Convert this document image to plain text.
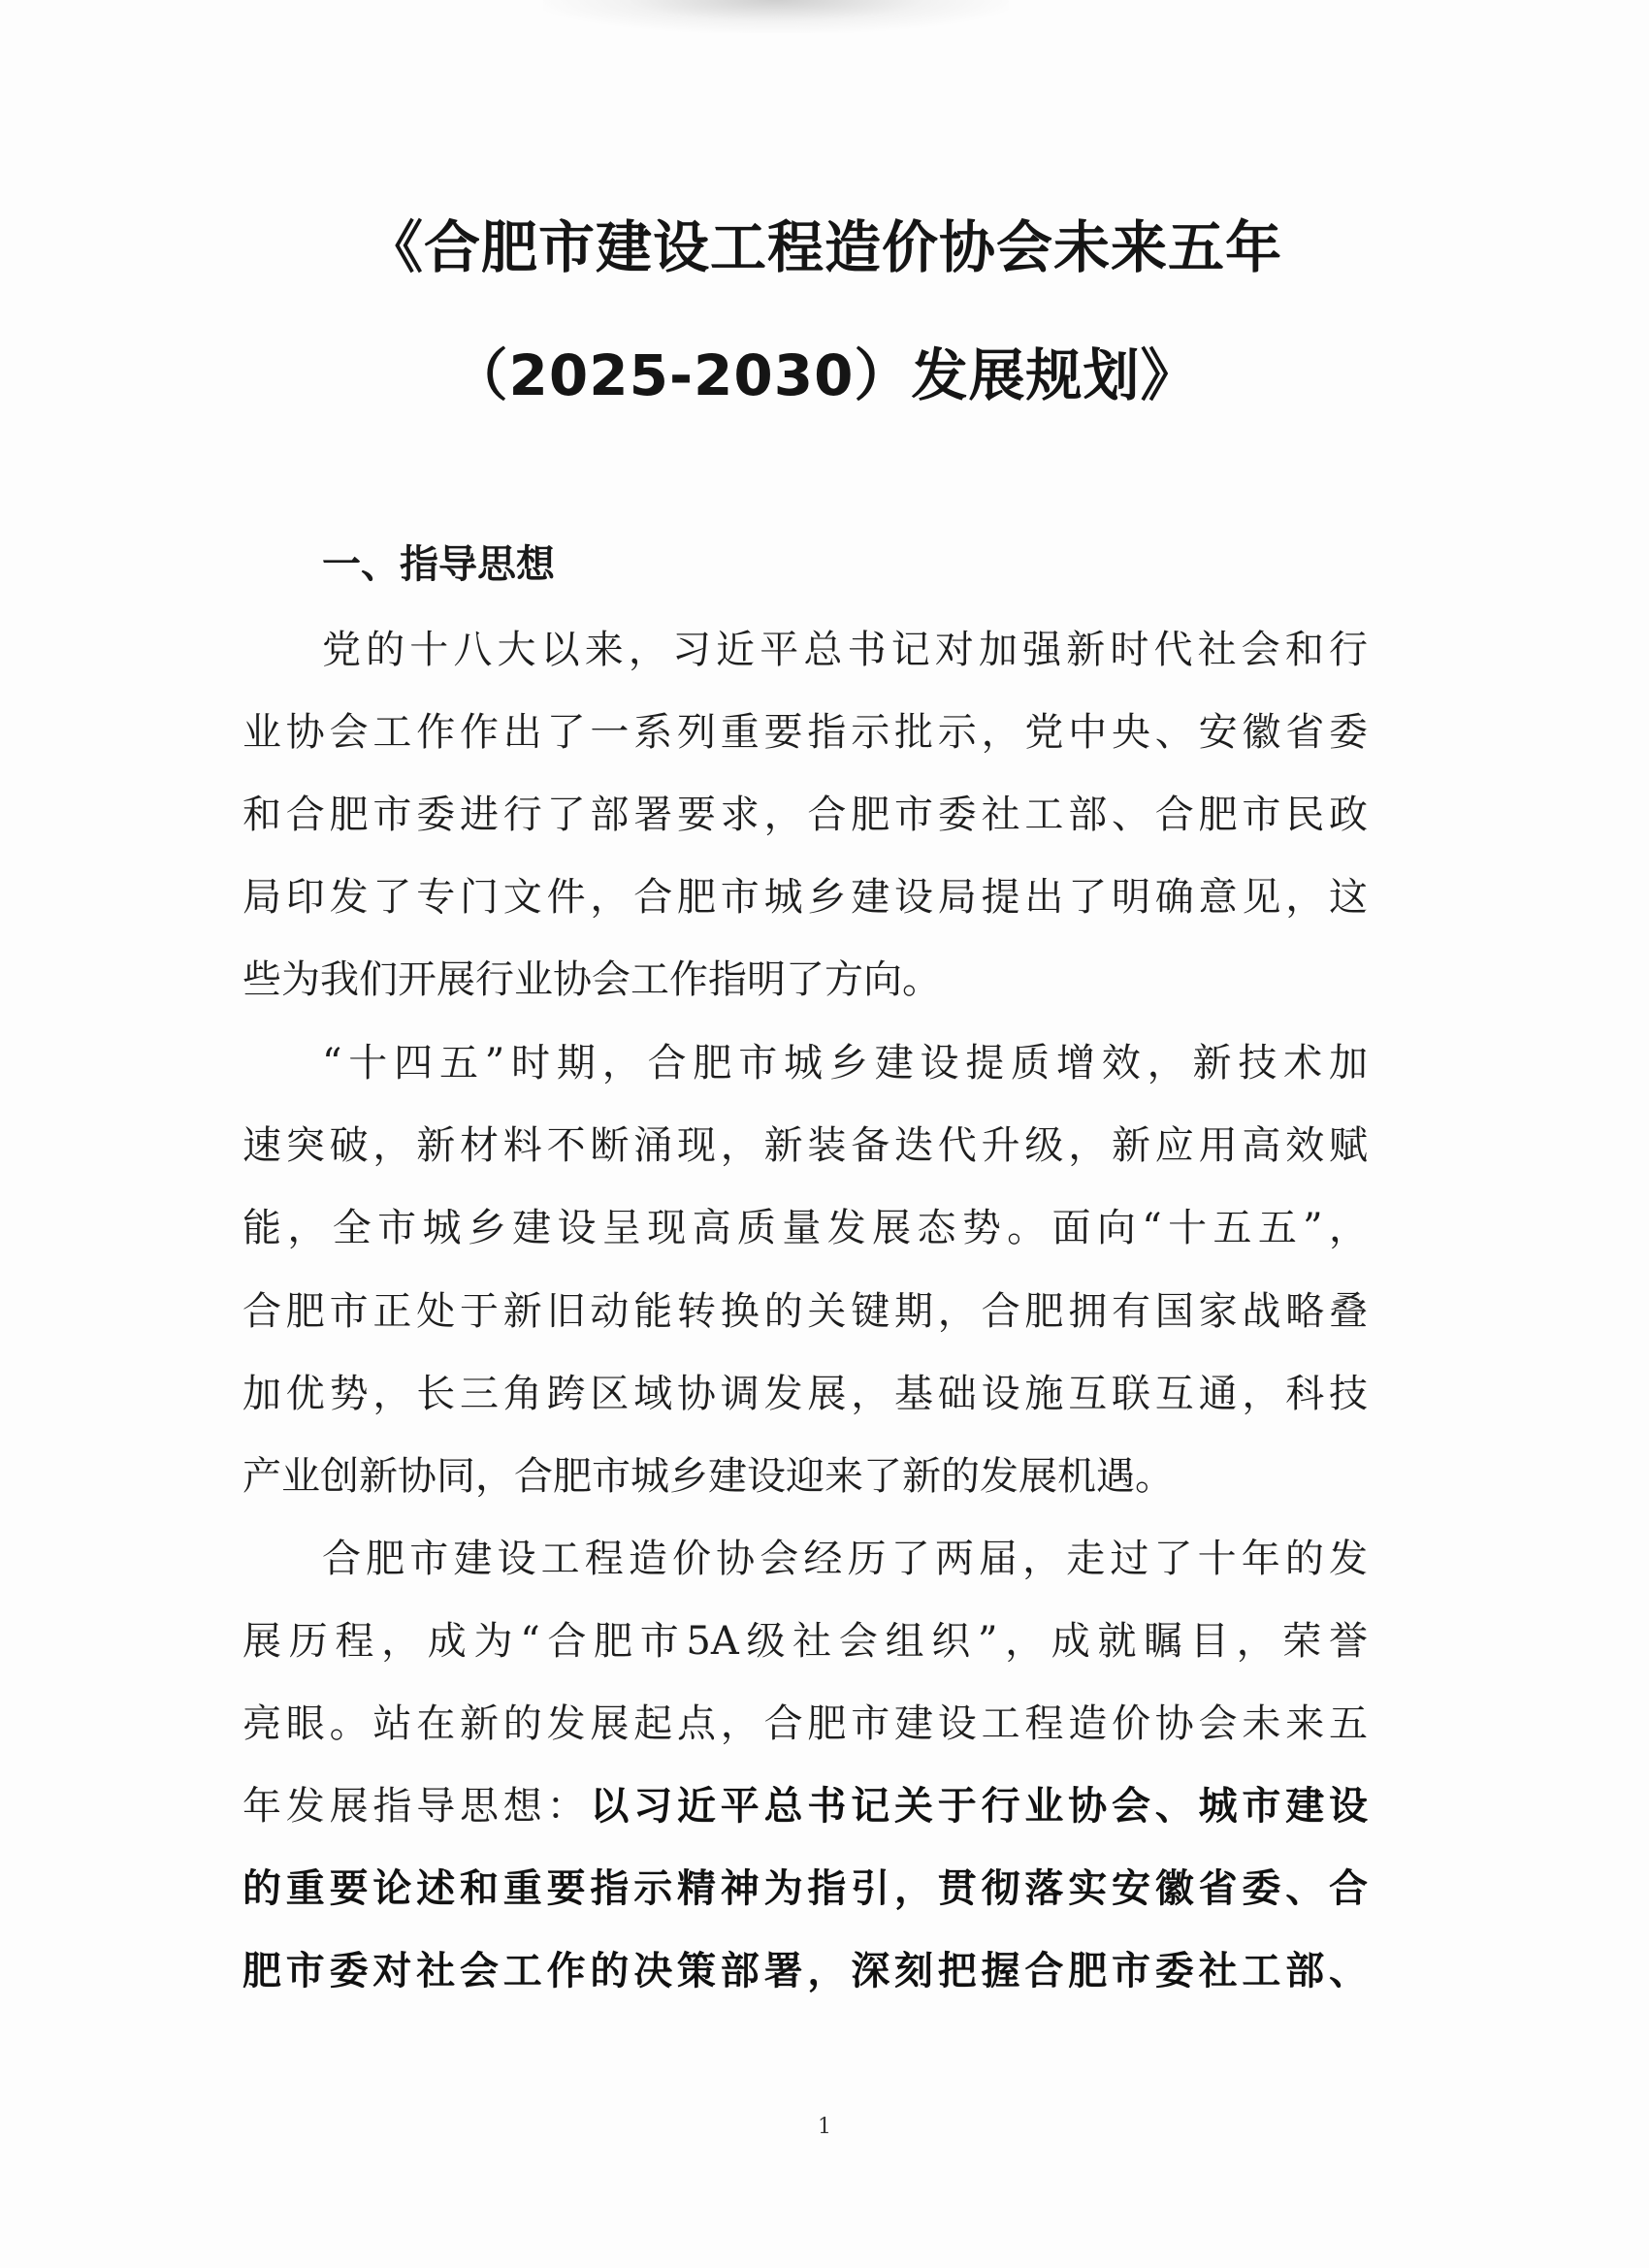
《合肥市建设工程造价协会未来五年
（2025-2030）发展规划》
一、指导思想
党的十八大以来，习近平总书记对加强新时代社会和行
业协会工作作出了一系列重要指示批示，党中央、安徽省委
和合肥市委进行了部署要求，合肥市委社工部、合肥市民政
局印发了专门文件，合肥市城乡建设局提出了明确意见，这
些为我们开展行业协会工作指明了方向。
“十四五”时期，合肥市城乡建设提质增效，新技术加
速突破，新材料不断涌现，新装备迭代升级，新应用高效赋
能，全市城乡建设呈现高质量发展态势。面向“十五五”，
合肥市正处于新旧动能转换的关键期，合肥拥有国家战略叠
加优势，长三角跨区域协调发展，基础设施互联互通，科技
产业创新协同，合肥市城乡建设迎来了新的发展机遇。
合肥市建设工程造价协会经历了两届，走过了十年的发
展历程，成为“合肥市5A级社会组织”，成就瞩目，荣誉
亮眼。站在新的发展起点，合肥市建设工程造价协会未来五
年发展指导思想：以习近平总书记关于行业协会、城市建设
的重要论述和重要指示精神为指引，贯彻落实安徽省委、合
肥市委对社会工作的决策部署，深刻把握合肥市委社工部、
1
